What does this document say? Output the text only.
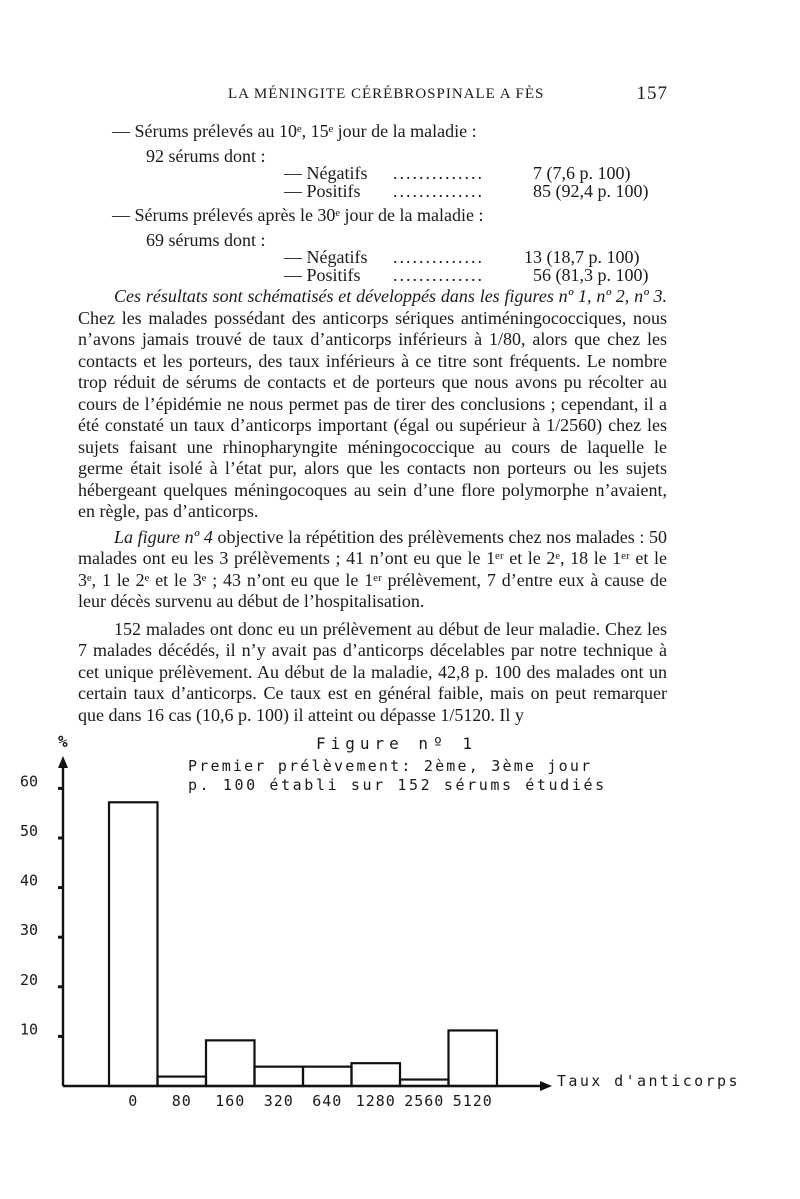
LA MÉNINGITE CÉRÉBROSPINALE A FÈS	157
— Sérums prélevés au 10ᵉ, 15ᵉ jour de la maladie :
92 sérums dont :
— Négatifs ..............	7 (7,6 p. 100)
— Positifs ..............	85 (92,4 p. 100)
— Sérums prélevés après le 30ᵉ jour de la maladie :
69 sérums dont :
— Négatifs .............. 13 (18,7 p. 100)
— Positifs ..............	56 (81,3 p. 100)

Ces résultats sont schématisés et développés dans les figures nº 1, nº 2, nº 3. Chez les malades possédant des anticorps sériques antiméningococciques, nous n’avons jamais trouvé de taux d’anticorps inférieurs à 1/80, alors que chez les contacts et les porteurs, des taux inférieurs à ce titre sont fréquents. Le nombre trop réduit de sérums de contacts et de porteurs que nous avons pu récolter au cours de l’épidémie ne nous permet pas de tirer des conclusions ; cependant, il a été constaté un taux d’anticorps important (égal ou supérieur à 1/2560) chez les sujets faisant une rhinopharyngite méningococcique au cours de laquelle le germe était isolé à l’état pur, alors que les contacts non porteurs ou les sujets hébergeant quelques méningocoques au sein d’une flore polymorphe n’avaient, en règle, pas d’anticorps.

La figure nº 4 objective la répétition des prélèvements chez nos malades : 50 malades ont eu les 3 prélèvements ; 41 n’ont eu que le 1ᵉʳ et le 2ᵉ, 18 le 1ᵉʳ et le 3ᵉ, 1 le 2ᵉ et le 3ᵉ ; 43 n’ont eu que le 1ᵉʳ prélèvement, 7 d’entre eux à cause de leur décès survenu au début de l’hospitalisation.

152 malades ont donc eu un prélèvement au début de leur maladie. Chez les 7 malades décédés, il n’y avait pas d’anticorps décelables par notre technique à cet unique prélèvement. Au début de la maladie, 42,8 p. 100 des malades ont un certain taux d’anticorps. Ce taux est en général faible, mais on peut remarquer que dans 16 cas (10,6 p. 100) il atteint ou dépasse 1/5120. Il y

Figure nº 1
Premier prélèvement: 2ème, 3ème jour
p. 100 établi sur 152 sérums étudiés
%
Taux d'anticorps
10
20
30
40
50
60
0 80 160 320 640 1280 2560 5120
